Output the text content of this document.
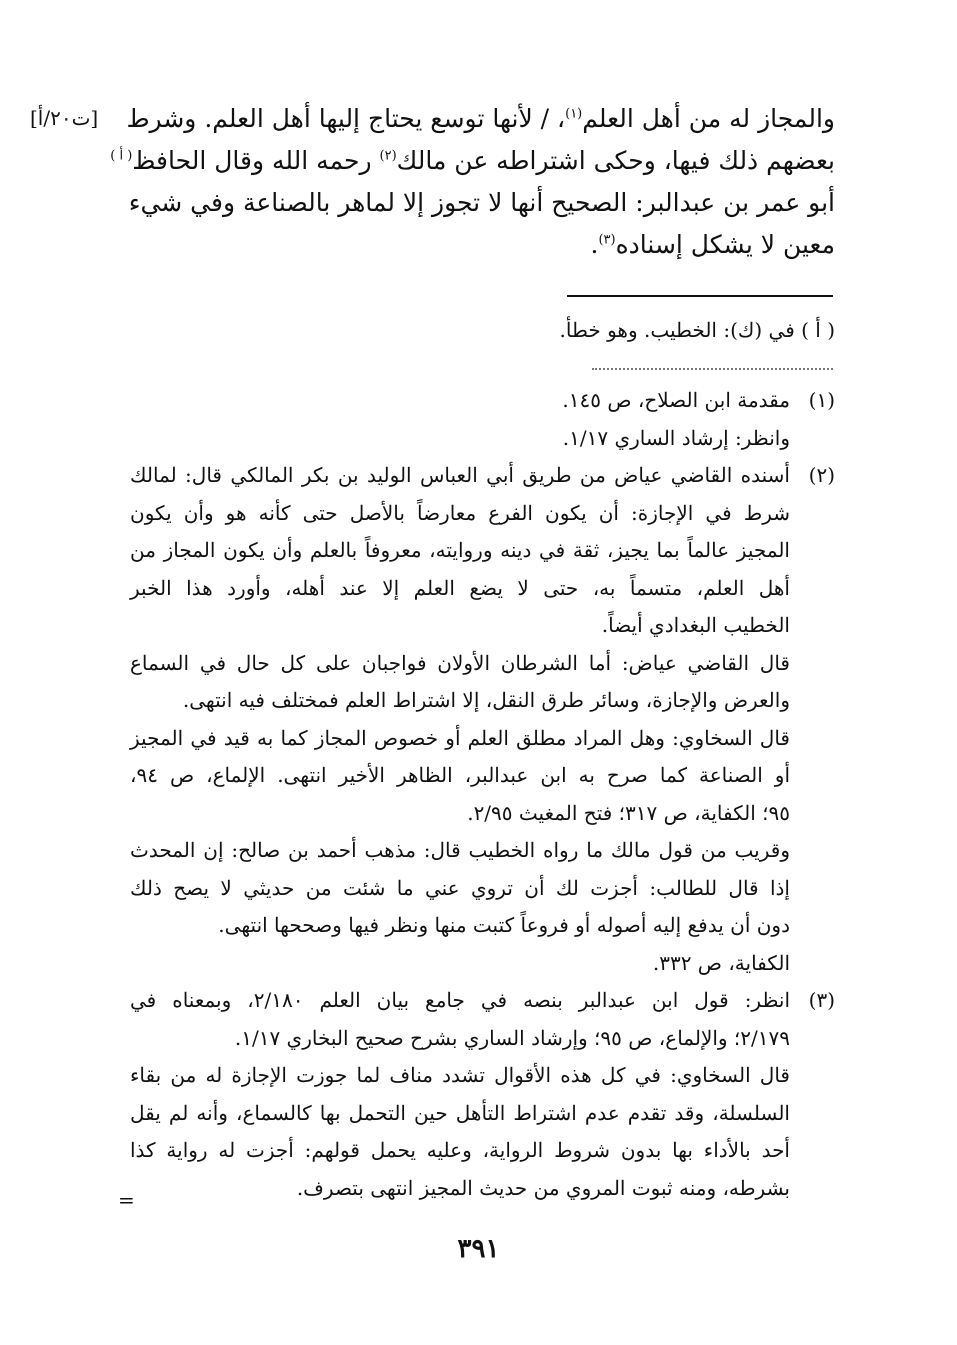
[ت٢٠/أ]	والمجاز له من أهل العلم$^{(١)}$، / لأنها توسع يحتاج إليها أهل العلم. وشرط
بعضهم ذلك فيها، وحكى اشتراطه عن مالك$^{(٢)}$ رحمه الله وقال الحافظ$^{( أ )}$
أبو عمر بن عبدالبر: الصحيح أنها لا تجوز إلا لماهر بالصناعة وفي شيء
معين لا يشكل إسناده$^{(٣)}$.
( أ ) في (ك): الخطيب. وهو خطأ.
(١)
مقدمة ابن الصلاح، ص ١٤٥.
وانظر: إرشاد الساري ١/١٧.
(٢)
أسنده القاضي عياض من طريق أبي العباس الوليد بن بكر المالكي قال: لمالك
شرط في الإجازة: أن يكون الفرع معارضاً بالأصل حتى كأنه هو وأن يكون
المجيز عالماً بما يجيز، ثقة في دينه وروايته، معروفاً بالعلم وأن يكون المجاز من
أهل العلم، متسماً به، حتى لا يضع العلم إلا عند أهله، وأورد هذا الخبر
الخطيب البغدادي أيضاً.
قال القاضي عياض: أما الشرطان الأولان فواجبان على كل حال في السماع
والعرض والإجازة، وسائر طرق النقل، إلا اشتراط العلم فمختلف فيه انتهى.
قال السخاوي: وهل المراد مطلق العلم أو خصوص المجاز كما به قيد في المجيز
أو الصناعة كما صرح به ابن عبدالبر، الظاهر الأخير انتهى. الإلماع، ص ٩٤،
٩٥؛ الكفاية، ص ٣١٧؛ فتح المغيث ٢/٩٥.
وقريب من قول مالك ما رواه الخطيب قال: مذهب أحمد بن صالح: إن المحدث
إذا قال للطالب: أجزت لك أن تروي عني ما شئت من حديثي لا يصح ذلك
دون أن يدفع إليه أصوله أو فروعاً كتبت منها ونظر فيها وصححها انتهى.
الكفاية، ص ٣٣٢.
(٣)
انظر: قول ابن عبدالبر بنصه في جامع بيان العلم ٢/١٨٠، وبمعناه في
٢/١٧٩؛ والإلماع، ص ٩٥؛ وإرشاد الساري بشرح صحيح البخاري ١/١٧.
قال السخاوي: في كل هذه الأقوال تشدد مناف لما جوزت الإجازة له من بقاء
السلسلة، وقد تقدم عدم اشتراط التأهل حين التحمل بها كالسماع، وأنه لم يقل
أحد بالأداء بها بدون شروط الرواية، وعليه يحمل قولهم: أجزت له رواية كذا
بشرطه، ومنه ثبوت المروي من حديث المجيز انتهى بتصرف.
=
٣٩١
